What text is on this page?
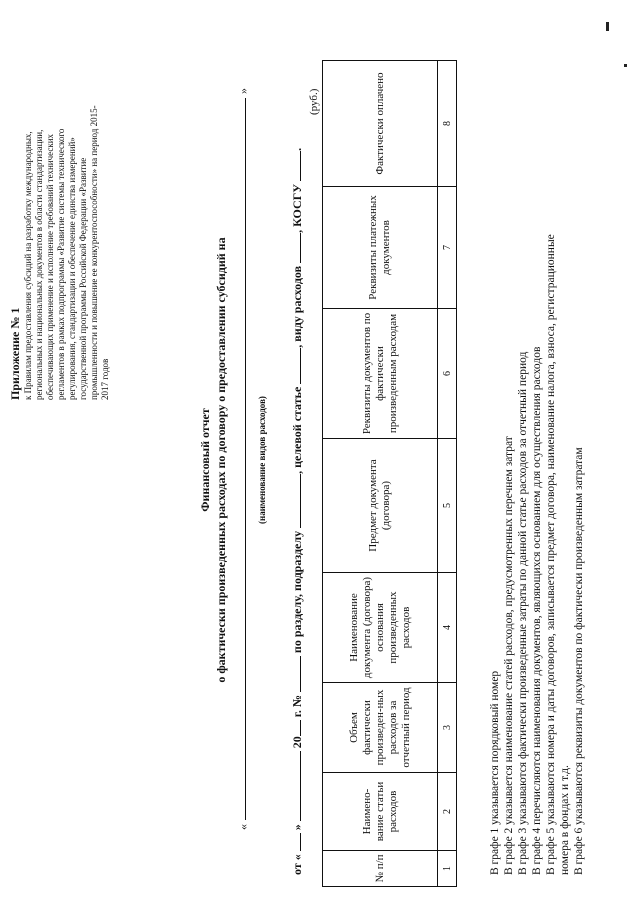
Приложение № 1 к Правилам предоставления субсидий на разработку международных, региональных и национальных документов в области стандартизации, обеспечивающих применение и исполнение требований технических регламентов в рамках подпрограммы «Развитие системы технического регулирования, стандартизации и обеспечение единства измерений» государственной программы Российской Федерации «Развитие промышленности и повышение ее конкурентоспособности» на период 2015- 2017 годов
Финансовый отчет о фактически произведенных расходах по договору о предоставлении субсидий на
«
»
(наименование видов расходов)
от «  »  20 г. №  по разделу, подразделу , целевой статье , виду расходов , КОСГУ .
(руб.)
№ п/п	Наимено-вание статьи расходов	Объем фактически произведен-ных расходов за отчетный период	Наименование документа (договора) основания произведенных расходов	Предмет документа (договора)	Реквизиты документов по фактически произведенным расходам	Реквизиты платежных документов	Фактически оплачено
1	2	3	4	5	6	7	8
В графе 1 указывается порядковый номер В графе 2 указывается наименование статей расходов, предусмотренных перечнем затрат В графе 3 указываются фактически произведенные затраты по данной статье расходов за отчетный период В графе 4 перечисляются наименования документов, являющихся основанием для осуществления расходов В графе 5 указываются номера и даты договоров, записывается предмет договора, наименование налога, взноса, регистрационные номера в фондах и т.д. В графе 6 указываются реквизиты документов по фактически произведенным затратам
